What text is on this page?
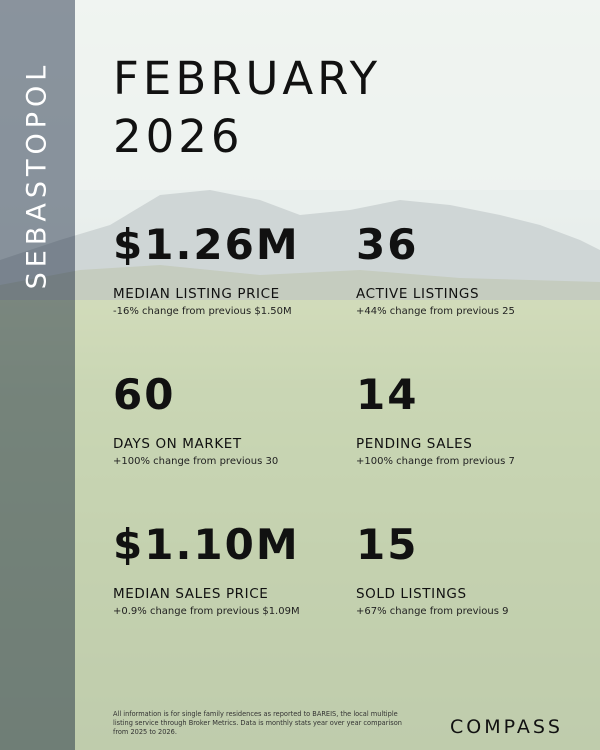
SEBASTOPOL FEBRUARY
2026
$1.26M
MEDIAN LISTING PRICE
-16% change from previous $1.50M
36
ACTIVE LISTINGS
+44% change from previous 25
60
DAYS ON MARKET
+100% change from previous 30
14
PENDING SALES
+100% change from previous 7
$1.10M
MEDIAN SALES PRICE
+0.9% change from previous $1.09M
15
SOLD LISTINGS
+67% change from previous 9
All information is for single family residences as reported to BAREIS, the local multiple listing service through Broker Metrics. Data is monthly stats year over year comparison from 2025 to 2026.	COMPASS
